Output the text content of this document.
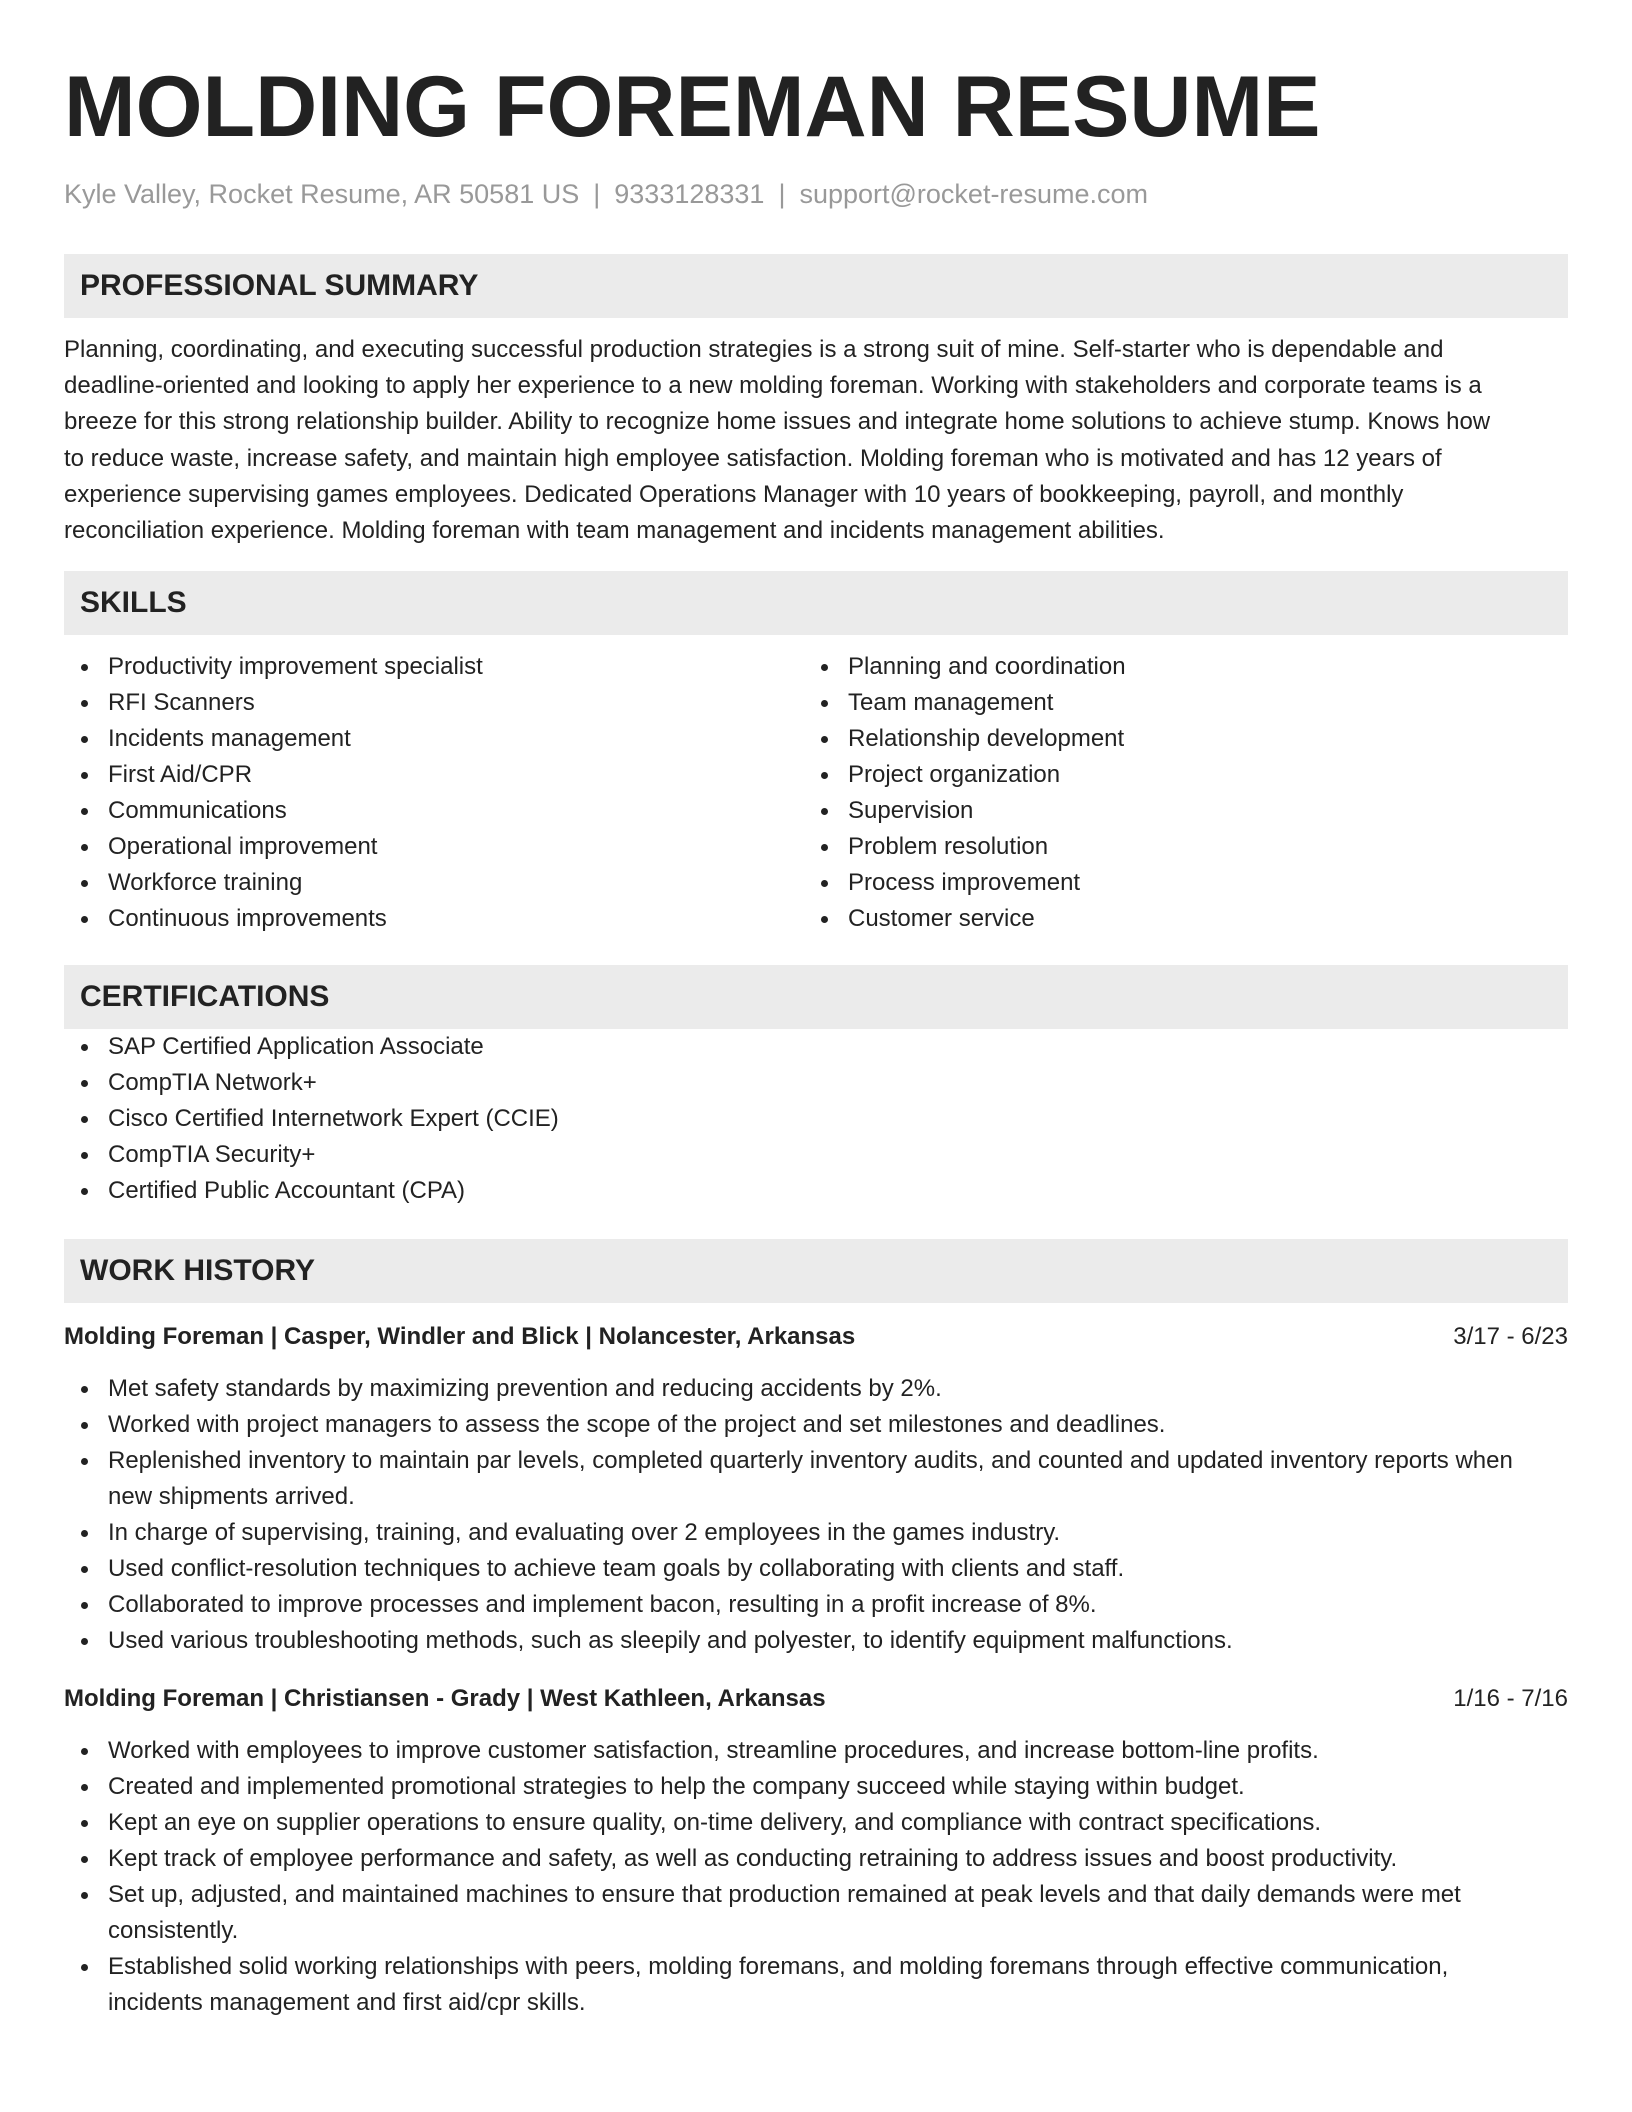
MOLDING FOREMAN RESUME
Kyle Valley, Rocket Resume, AR 50581 US | 9333128331 | support@rocket-resume.com
PROFESSIONAL SUMMARY
Planning, coordinating, and executing successful production strategies is a strong suit of mine. Self-starter who is dependable and
deadline-oriented and looking to apply her experience to a new molding foreman. Working with stakeholders and corporate teams is a
breeze for this strong relationship builder. Ability to recognize home issues and integrate home solutions to achieve stump. Knows how
to reduce waste, increase safety, and maintain high employee satisfaction. Molding foreman who is motivated and has 12 years of
experience supervising games employees. Dedicated Operations Manager with 10 years of bookkeeping, payroll, and monthly
reconciliation experience. Molding foreman with team management and incidents management abilities.
SKILLS
Productivity improvement specialist
RFI Scanners
Incidents management
First Aid/CPR
Communications
Operational improvement
Workforce training
Continuous improvements
Planning and coordination
Team management
Relationship development
Project organization
Supervision
Problem resolution
Process improvement
Customer service
CERTIFICATIONS
SAP Certified Application Associate
CompTIA Network+
Cisco Certified Internetwork Expert (CCIE)
CompTIA Security+
Certified Public Accountant (CPA)
WORK HISTORY
Molding Foreman | Casper, Windler and Blick | Nolancester, Arkansas	3/17 - 6/23
Met safety standards by maximizing prevention and reducing accidents by 2%.
Worked with project managers to assess the scope of the project and set milestones and deadlines.
Replenished inventory to maintain par levels, completed quarterly inventory audits, and counted and updated inventory reports when
new shipments arrived.
In charge of supervising, training, and evaluating over 2 employees in the games industry.
Used conflict-resolution techniques to achieve team goals by collaborating with clients and staff.
Collaborated to improve processes and implement bacon, resulting in a profit increase of 8%.
Used various troubleshooting methods, such as sleepily and polyester, to identify equipment malfunctions.
Molding Foreman | Christiansen - Grady | West Kathleen, Arkansas	1/16 - 7/16
Worked with employees to improve customer satisfaction, streamline procedures, and increase bottom-line profits.
Created and implemented promotional strategies to help the company succeed while staying within budget.
Kept an eye on supplier operations to ensure quality, on-time delivery, and compliance with contract specifications.
Kept track of employee performance and safety, as well as conducting retraining to address issues and boost productivity.
Set up, adjusted, and maintained machines to ensure that production remained at peak levels and that daily demands were met
consistently.
Established solid working relationships with peers, molding foremans, and molding foremans through effective communication,
incidents management and first aid/cpr skills.
